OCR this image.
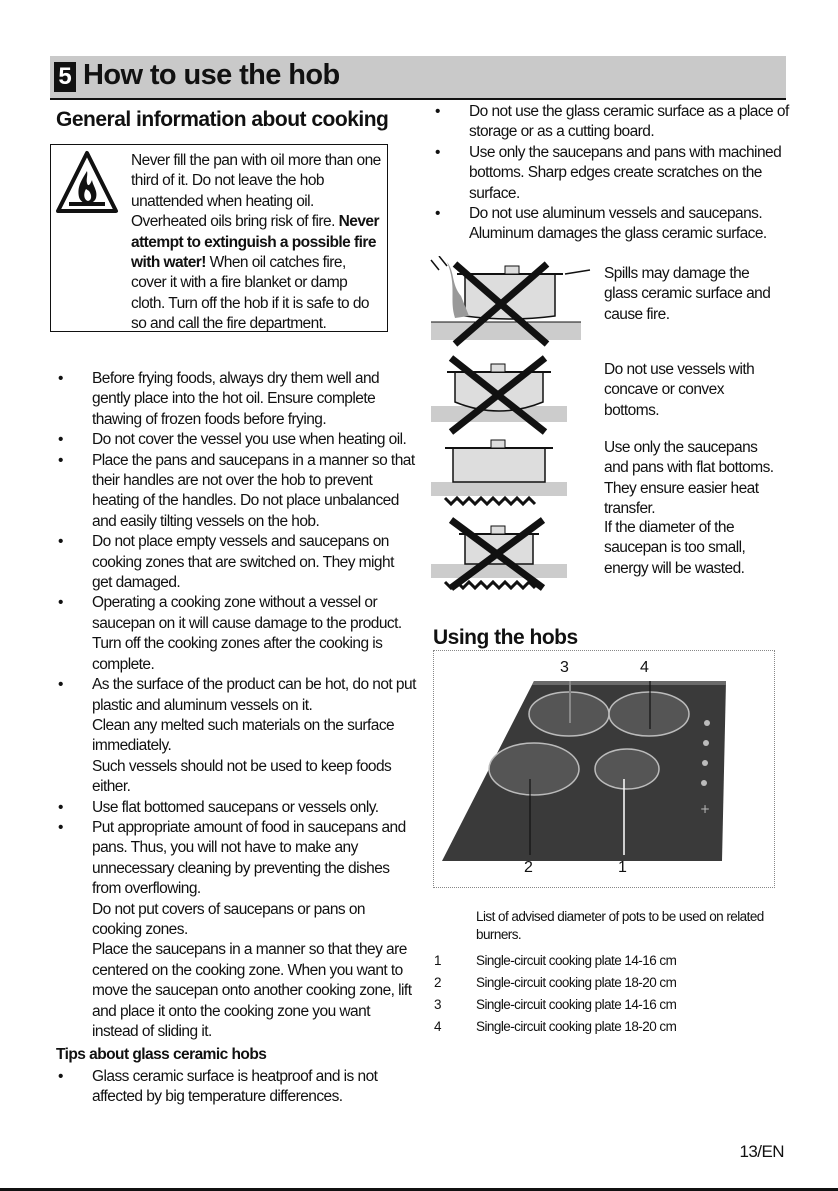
5 How to use the hob
General information about cooking
Never fill the pan with oil more than one third of it. Do not leave the hob unattended when heating oil. Overheated oils bring risk of fire. Never attempt to extinguish a possible fire with water! When oil catches fire, cover it with a fire blanket or damp cloth. Turn off the hob if it is safe to do so and call the fire department.
• Before frying foods, always dry them well and gently place into the hot oil. Ensure complete thawing of frozen foods before frying.
• Do not cover the vessel you use when heating oil.
• Place the pans and saucepans in a manner so that their handles are not over the hob to prevent heating of the handles. Do not place unbalanced and easily tilting vessels on the hob.
• Do not place empty vessels and saucepans on cooking zones that are switched on. They might get damaged.
• Operating a cooking zone without a vessel or saucepan on it will cause damage to the product. Turn off the cooking zones after the cooking is complete.
• As the surface of the product can be hot, do not put plastic and aluminum vessels on it.
Clean any melted such materials on the surface immediately.
Such vessels should not be used to keep foods either.
• Use flat bottomed saucepans or vessels only.
• Put appropriate amount of food in saucepans and pans. Thus, you will not have to make any unnecessary cleaning by preventing the dishes from overflowing.
Do not put covers of saucepans or pans on cooking zones.
Place the saucepans in a manner so that they are centered on the cooking zone. When you want to move the saucepan onto another cooking zone, lift and place it onto the cooking zone you want instead of sliding it.
Tips about glass ceramic hobs
• Glass ceramic surface is heatproof and is not affected by big temperature differences.
• Do not use the glass ceramic surface as a place of storage or as a cutting board.
• Use only the saucepans and pans with machined bottoms. Sharp edges create scratches on the surface.
• Do not use aluminum vessels and saucepans. Aluminum damages the glass ceramic surface.
Spills may damage the glass ceramic surface and cause fire.
Do not use vessels with concave or convex bottoms.
Use only the saucepans and pans with flat bottoms. They ensure easier heat transfer.
If the diameter of the saucepan is too small, energy will be wasted.
Using the hobs
+
3	4
2	1
List of advised diameter of pots to be used on related burners.
1	Single-circuit cooking plate 14-16 cm
2	Single-circuit cooking plate 18-20 cm
3	Single-circuit cooking plate 14-16 cm
4	Single-circuit cooking plate 18-20 cm
13/EN
